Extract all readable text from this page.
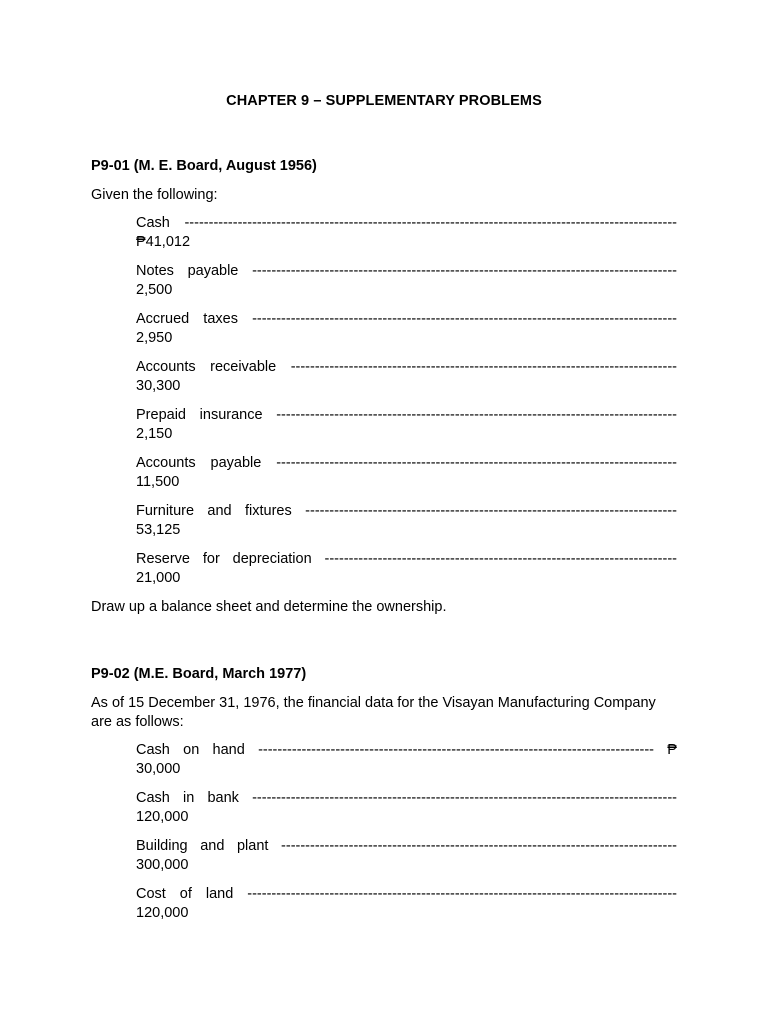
CHAPTER 9 – SUPPLEMENTARY PROBLEMS
P9-01 (M. E. Board, August 1956)
Given the following:
Cash ------------------------------------------------------------------------------------------------------
₱41,012
Notes payable ----------------------------------------------------------------------------------------
2,500
Accrued taxes ----------------------------------------------------------------------------------------
2,950
Accounts receivable --------------------------------------------------------------------------------
30,300
Prepaid insurance -----------------------------------------------------------------------------------
2,150
Accounts payable -----------------------------------------------------------------------------------
11,500
Furniture and fixtures -----------------------------------------------------------------------------
53,125
Reserve for depreciation -------------------------------------------------------------------------
21,000
Draw up a balance sheet and determine the ownership.
P9-02 (M.E. Board, March 1977)
As of 15 December 31, 1976, the financial data for the Visayan Manufacturing Company are as follows:
Cash on hand ---------------------------------------------------------------------------------- ₱
30,000
Cash in bank ----------------------------------------------------------------------------------------
120,000
Building and plant ----------------------------------------------------------------------------------
300,000
Cost of land -----------------------------------------------------------------------------------------
120,000
